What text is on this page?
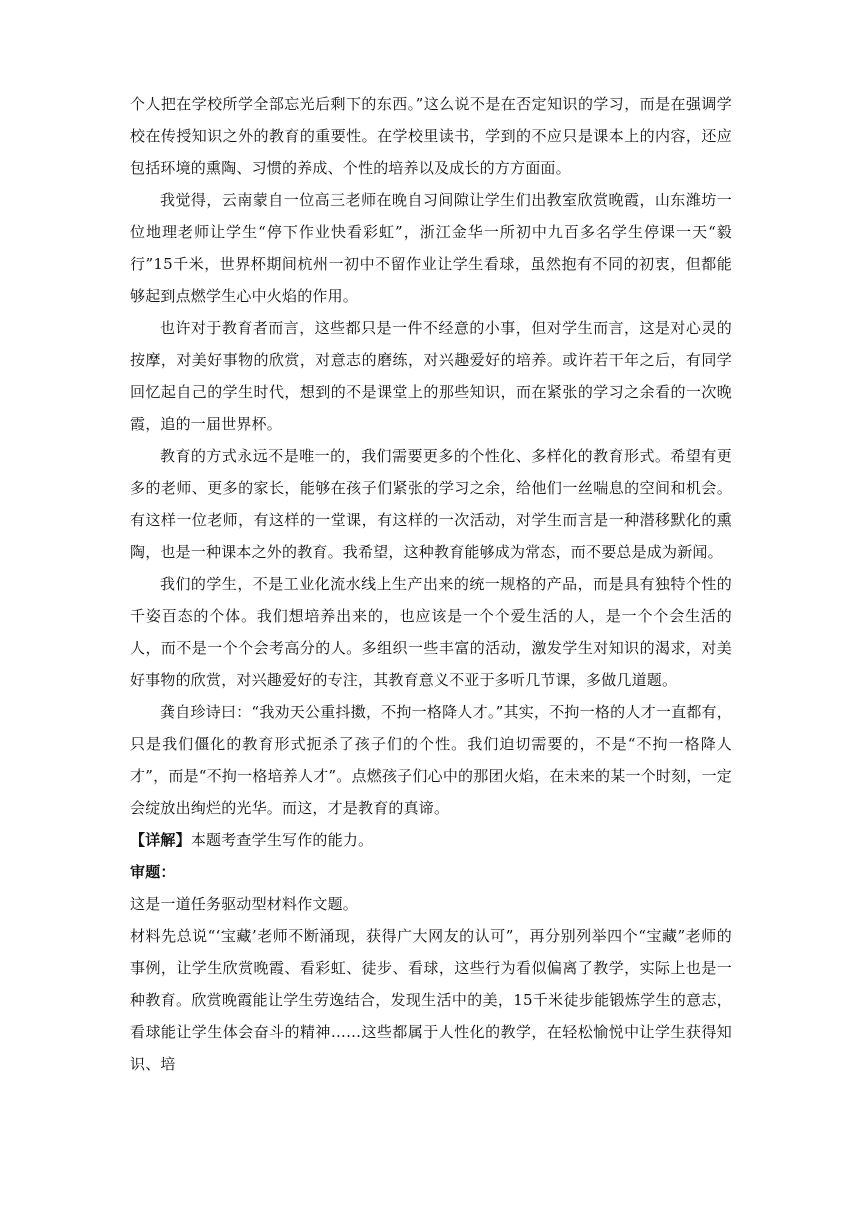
个人把在学校所学全部忘光后剩下的东西。”这么说不是在否定知识的学习，而是在强调学校在传授知识之外的教育的重要性。在学校里读书，学到的不应只是课本上的内容，还应包括环境的熏陶、习惯的养成、个性的培养以及成长的方方面面。

我觉得，云南蒙自一位高三老师在晚自习间隙让学生们出教室欣赏晚霞，山东潍坊一位地理老师让学生“停下作业快看彩虹”，浙江金华一所初中九百多名学生停课一天“毅行”15千米，世界杯期间杭州一初中不留作业让学生看球，虽然抱有不同的初衷，但都能够起到点燃学生心中火焰的作用。

也许对于教育者而言，这些都只是一件不经意的小事，但对学生而言，这是对心灵的按摩，对美好事物的欣赏，对意志的磨练，对兴趣爱好的培养。或许若干年之后，有同学回忆起自己的学生时代，想到的不是课堂上的那些知识，而在紧张的学习之余看的一次晚霞，追的一届世界杯。

教育的方式永远不是唯一的，我们需要更多的个性化、多样化的教育形式。希望有更多的老师、更多的家长，能够在孩子们紧张的学习之余，给他们一丝喘息的空间和机会。有这样一位老师，有这样的一堂课，有这样的一次活动，对学生而言是一种潜移默化的熏陶，也是一种课本之外的教育。我希望，这种教育能够成为常态，而不要总是成为新闻。

我们的学生，不是工业化流水线上生产出来的统一规格的产品，而是具有独特个性的千姿百态的个体。我们想培养出来的，也应该是一个个爱生活的人，是一个个会生活的人，而不是一个个会考高分的人。多组织一些丰富的活动，激发学生对知识的渴求，对美好事物的欣赏，对兴趣爱好的专注，其教育意义不亚于多听几节课，多做几道题。

龚自珍诗曰：“我劝天公重抖擞，不拘一格降人才。”其实，不拘一格的人才一直都有，只是我们僵化的教育形式扼杀了孩子们的个性。我们迫切需要的，不是“不拘一格降人才”，而是“不拘一格培养人才”。点燃孩子们心中的那团火焰，在未来的某一个时刻，一定会绽放出绚烂的光华。而这，才是教育的真谛。

【详解】本题考查学生写作的能力。

审题：

这是一道任务驱动型材料作文题。

材料先总说“‘宝藏’老师不断涌现，获得广大网友的认可”，再分别列举四个“宝藏”老师的事例，让学生欣赏晚霞、看彩虹、徒步、看球，这些行为看似偏离了教学，实际上也是一种教育。欣赏晚霞能让学生劳逸结合，发现生活中的美，15千米徒步能锻炼学生的意志，看球能让学生体会奋斗的精神……这些都属于人性化的教学，在轻松愉悦中让学生获得知识、培
